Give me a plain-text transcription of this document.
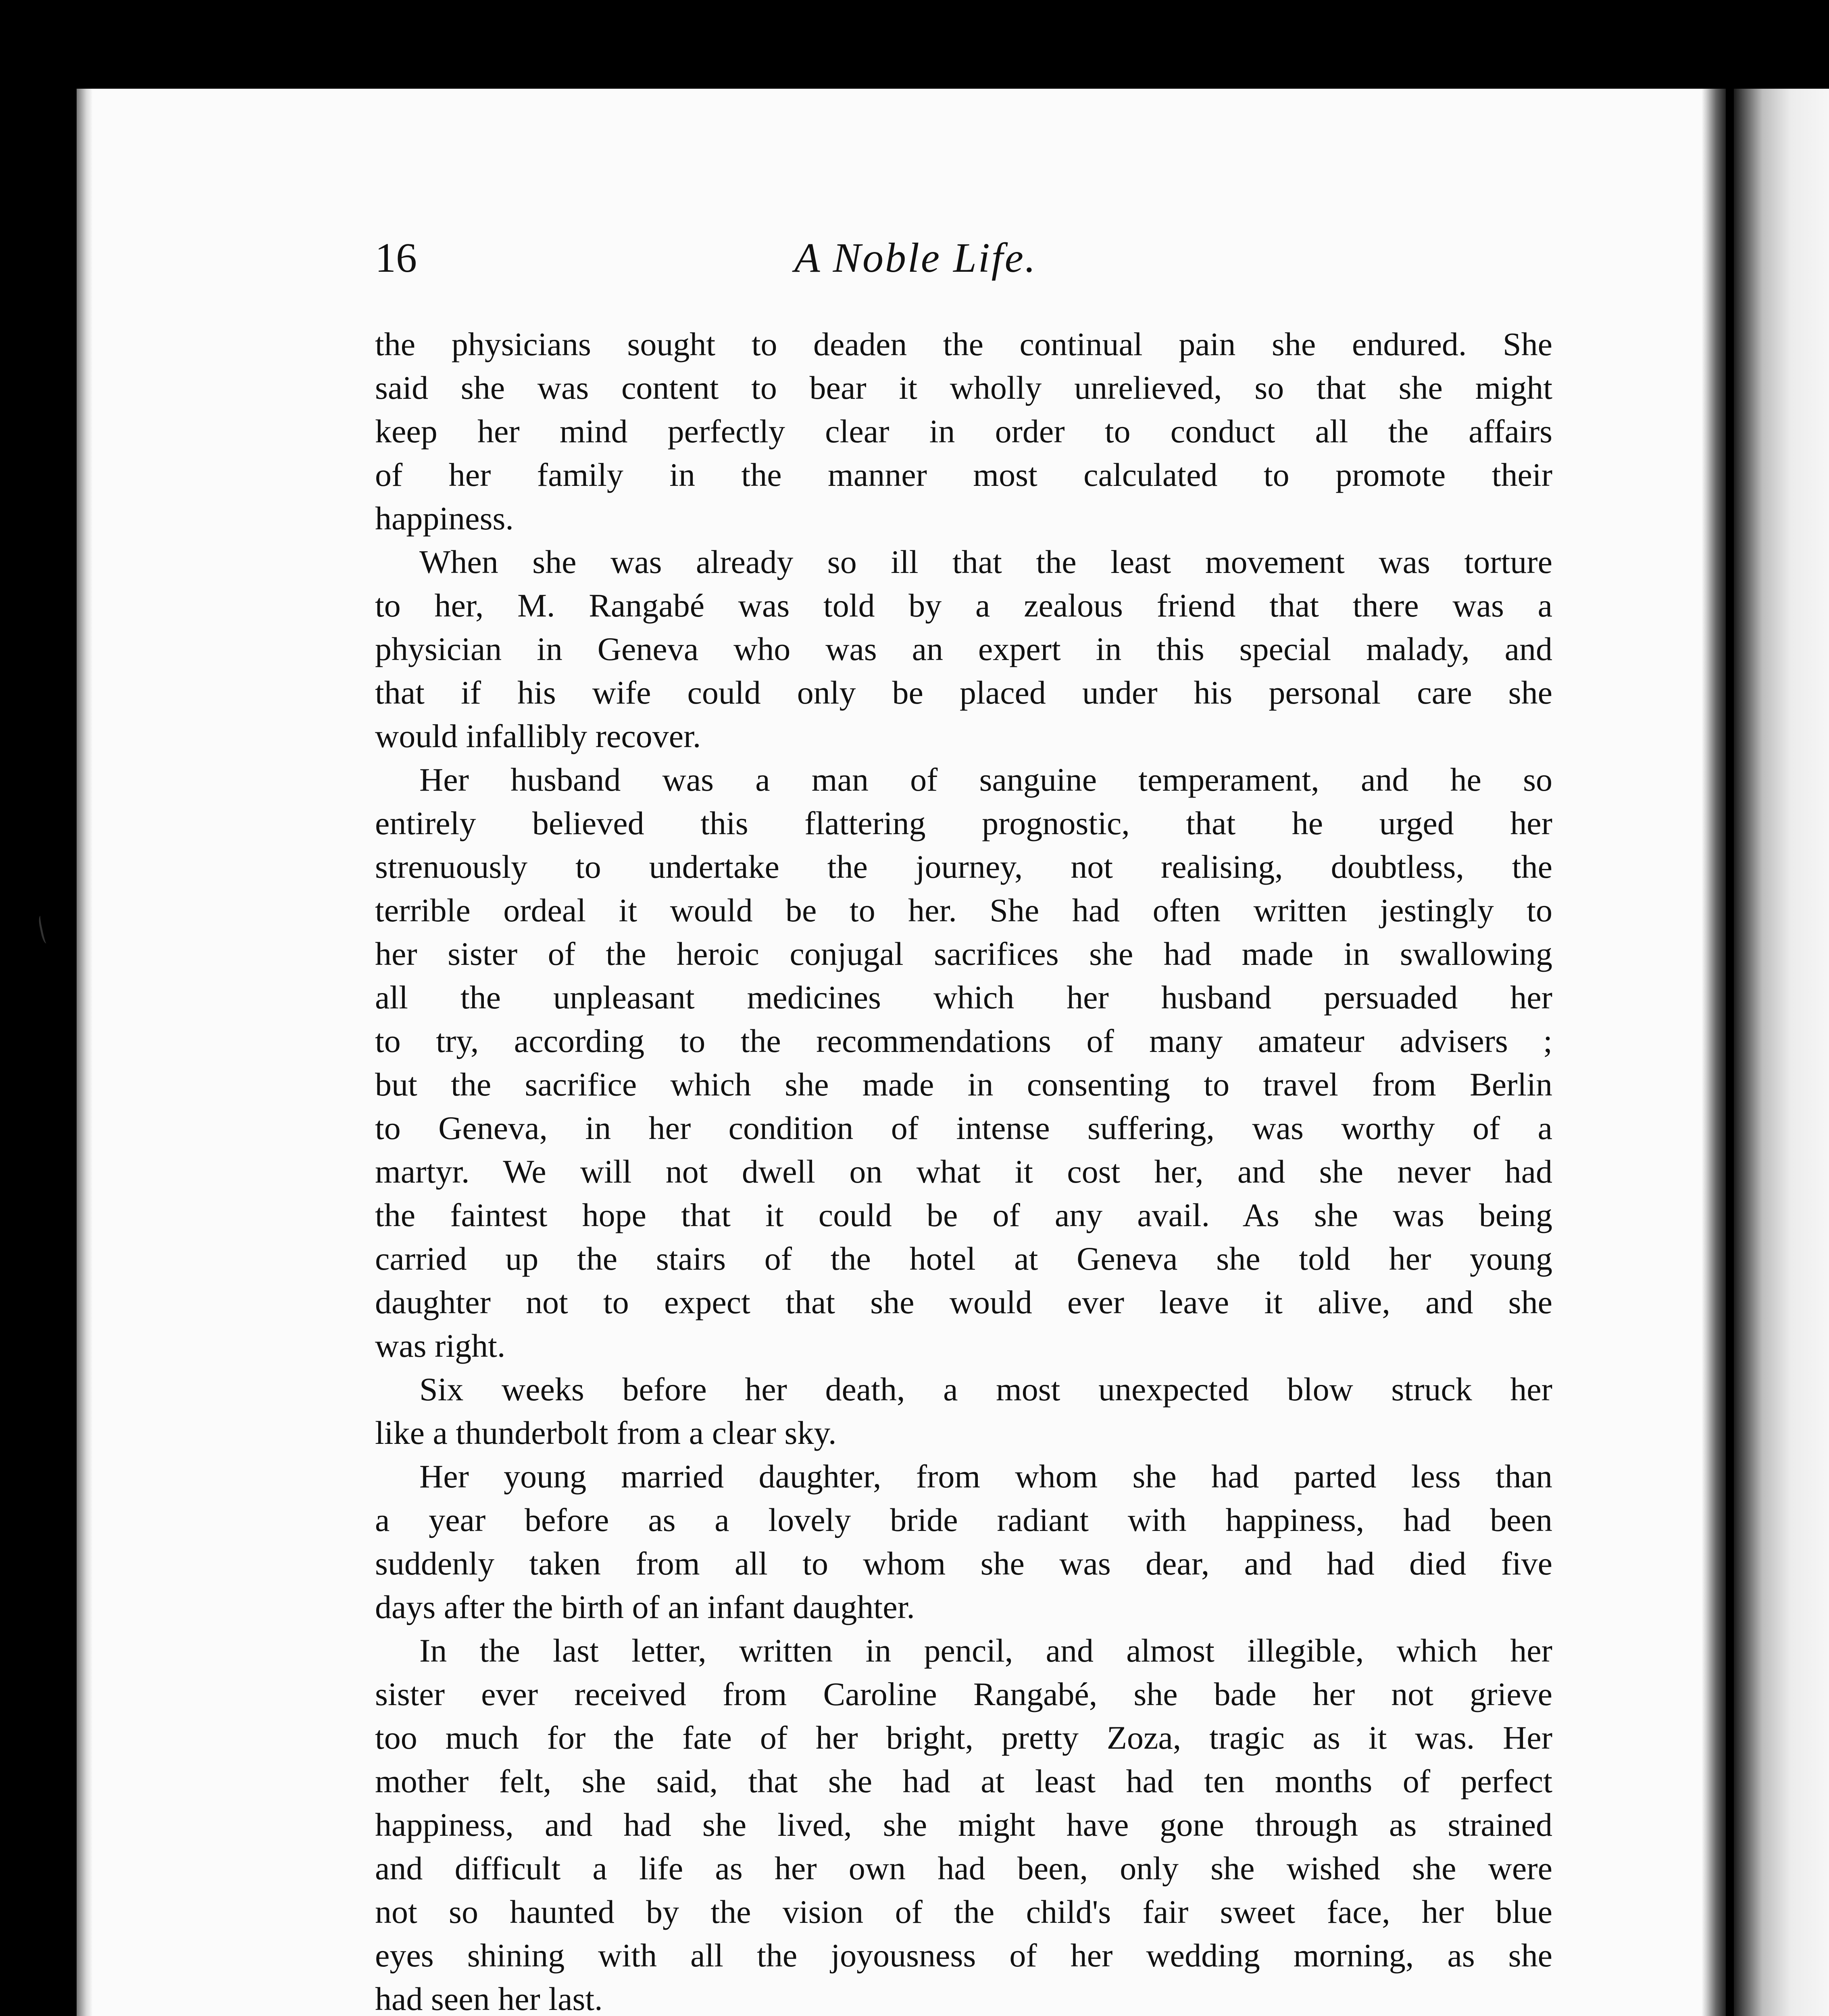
16	A Noble Life.
the physicians sought to deaden the continual pain she endured. She
said she was content to bear it wholly unrelieved, so that she might
keep her mind perfectly clear in order to conduct all the affairs
of her family in the manner most calculated to promote their
happiness.
When she was already so ill that the least movement was torture
to her, M. Rangabé was told by a zealous friend that there was a
physician in Geneva who was an expert in this special malady, and
that if his wife could only be placed under his personal care she
would infallibly recover.
Her husband was a man of sanguine temperament, and he so
entirely believed this flattering prognostic, that he urged her
strenuously to undertake the journey, not realising, doubtless, the
terrible ordeal it would be to her. She had often written jestingly to
her sister of the heroic conjugal sacrifices she had made in swallowing
all the unpleasant medicines which her husband persuaded her
to try, according to the recommendations of many amateur advisers ;
but the sacrifice which she made in consenting to travel from Berlin
to Geneva, in her condition of intense suffering, was worthy of a
martyr. We will not dwell on what it cost her, and she never had
the faintest hope that it could be of any avail. As she was being
carried up the stairs of the hotel at Geneva she told her young
daughter not to expect that she would ever leave it alive, and she
was right.
Six weeks before her death, a most unexpected blow struck her
like a thunderbolt from a clear sky.
Her young married daughter, from whom she had parted less than
a year before as a lovely bride radiant with happiness, had been
suddenly taken from all to whom she was dear, and had died five
days after the birth of an infant daughter.
In the last letter, written in pencil, and almost illegible, which her
sister ever received from Caroline Rangabé, she bade her not grieve
too much for the fate of her bright, pretty Zoza, tragic as it was. Her
mother felt, she said, that she had at least had ten months of perfect
happiness, and had she lived, she might have gone through as strained
and difficult a life as her own had been, only she wished she were
not so haunted by the vision of the child's fair sweet face, her blue
eyes shining with all the joyousness of her wedding morning, as she
had seen her last.
